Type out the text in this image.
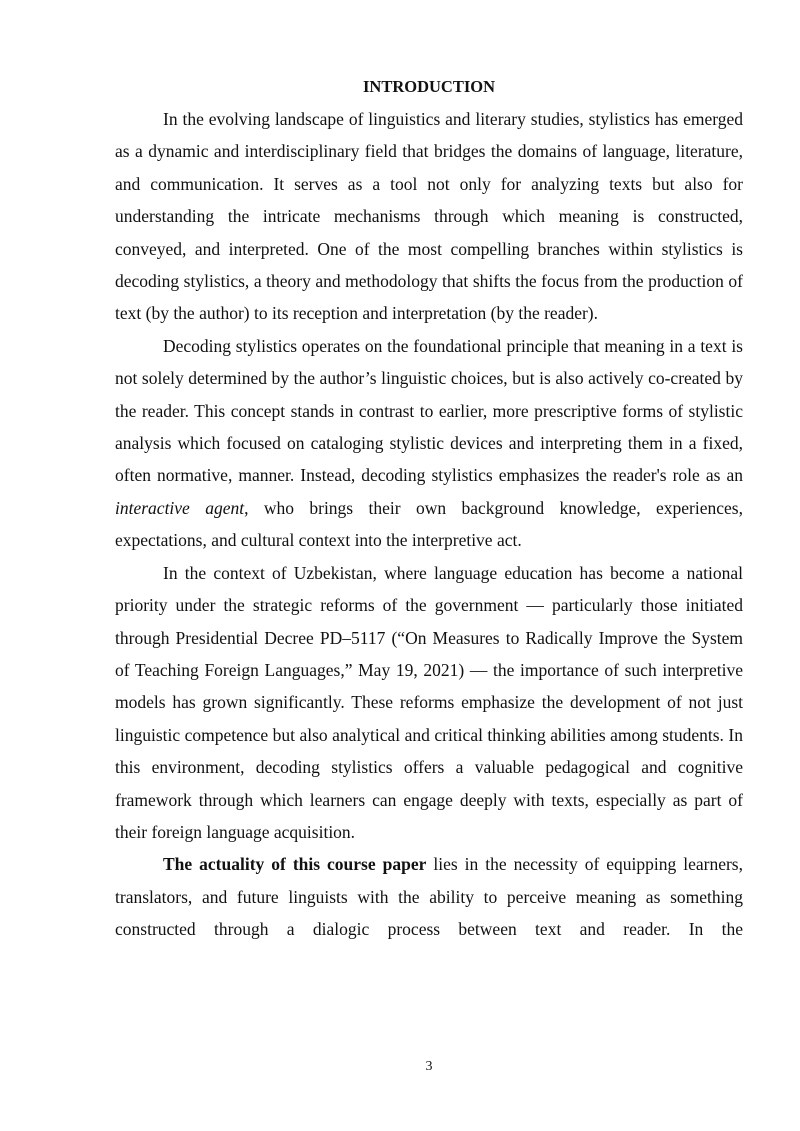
INTRODUCTION

In the evolving landscape of linguistics and literary studies, stylistics has emerged as a dynamic and interdisciplinary field that bridges the domains of language, literature, and communication. It serves as a tool not only for analyzing texts but also for understanding the intricate mechanisms through which meaning is constructed, conveyed, and interpreted. One of the most compelling branches within stylistics is decoding stylistics, a theory and methodology that shifts the focus from the production of text (by the author) to its reception and interpretation (by the reader).

Decoding stylistics operates on the foundational principle that meaning in a text is not solely determined by the author’s linguistic choices, but is also actively co-created by the reader. This concept stands in contrast to earlier, more prescriptive forms of stylistic analysis which focused on cataloging stylistic devices and interpreting them in a fixed, often normative, manner. Instead, decoding stylistics emphasizes the reader's role as an interactive agent, who brings their own background knowledge, experiences, expectations, and cultural context into the interpretive act.

In the context of Uzbekistan, where language education has become a national priority under the strategic reforms of the government — particularly those initiated through Presidential Decree PD–5117 (“On Measures to Radically Improve the System of Teaching Foreign Languages,” May 19, 2021) — the importance of such interpretive models has grown significantly. These reforms emphasize the development of not just linguistic competence but also analytical and critical thinking abilities among students. In this environment, decoding stylistics offers a valuable pedagogical and cognitive framework through which learners can engage deeply with texts, especially as part of their foreign language acquisition.

The actuality of this course paper lies in the necessity of equipping learners, translators, and future linguists with the ability to perceive meaning as something constructed through a dialogic process between text and reader. In the

3
